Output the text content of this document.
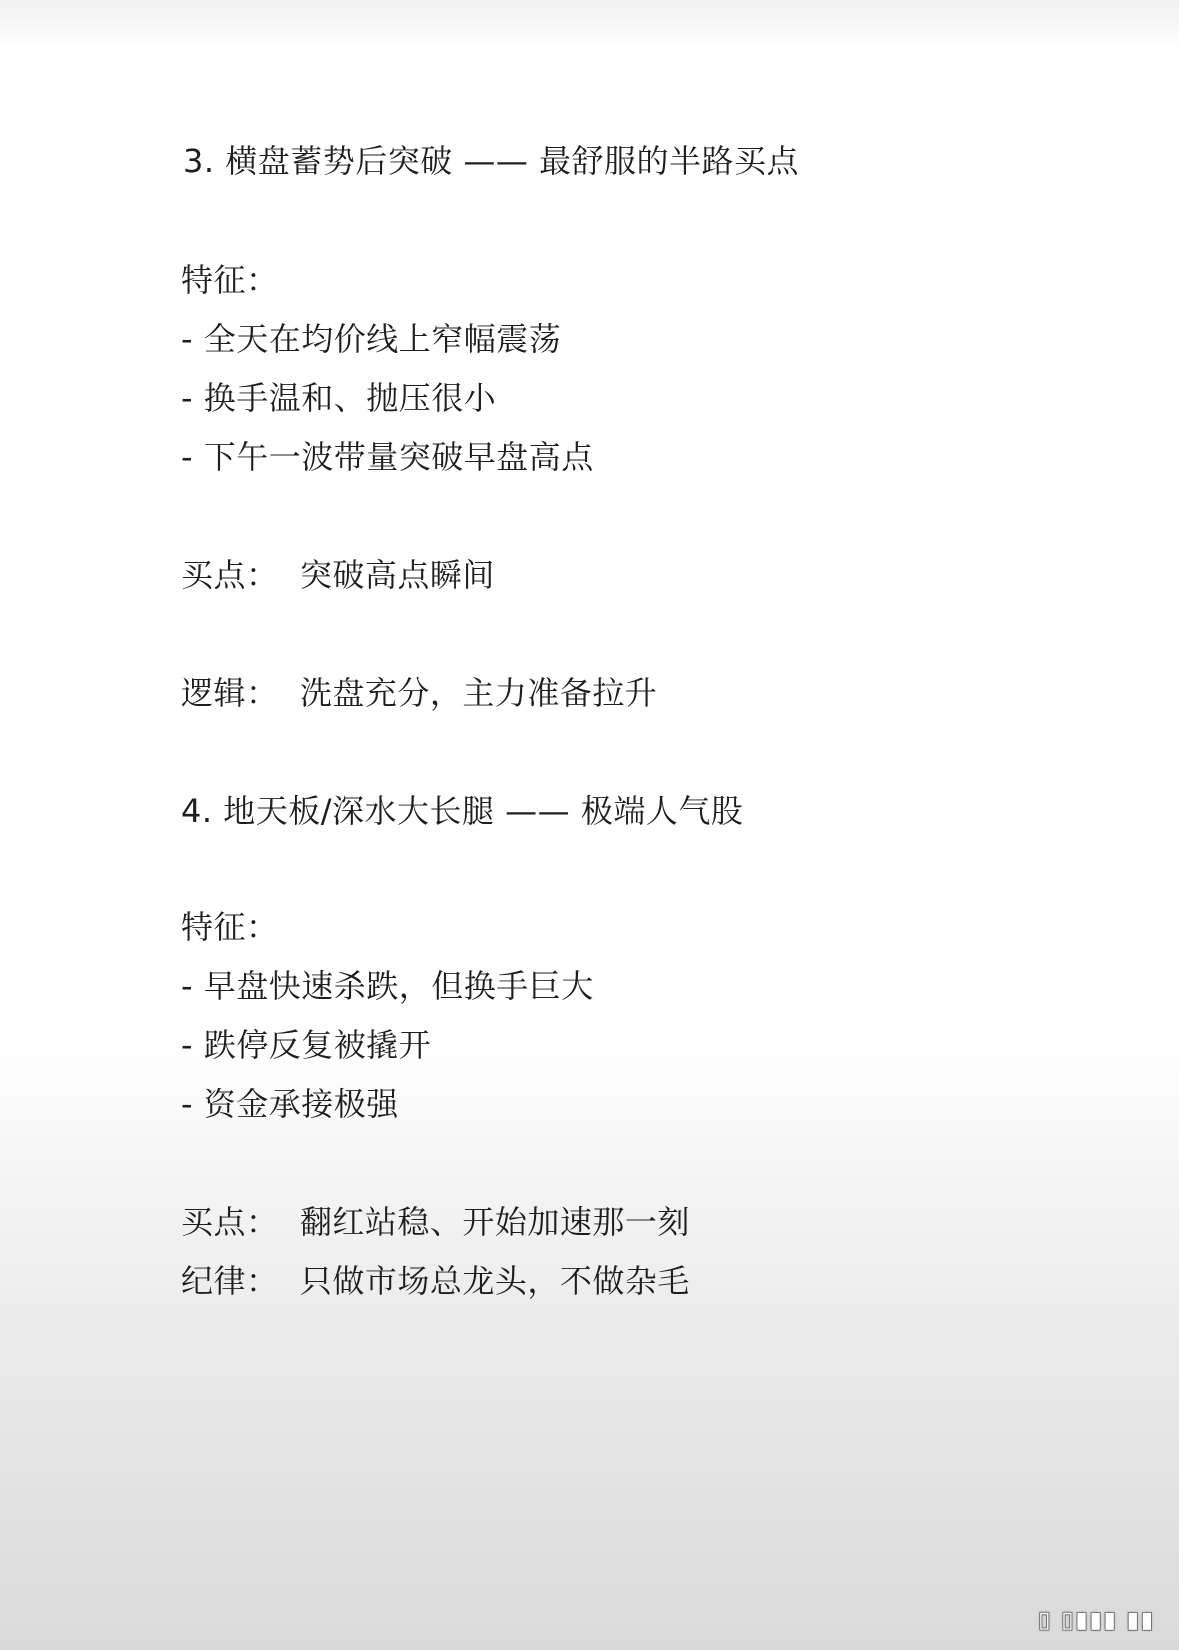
3. 横盘蓄势后突破 —— 最舒服的半路买点
特征：
- 全天在均价线上窄幅震荡
- 换手温和、抛压很小
- 下午一波带量突破早盘高点
买点：  突破高点瞬间
逻辑：  洗盘充分，主力准备拉升
4. 地天板/深水大长腿 —— 极端人气股
特征：
- 早盘快速杀跌，但换手巨大
- 跌停反复被撬开
- 资金承接极强
买点：  翻红站稳、开始加速那一刻
纪律：  只做市场总龙头，不做杂毛
▯ ▯▮▮▮ ▮▮
